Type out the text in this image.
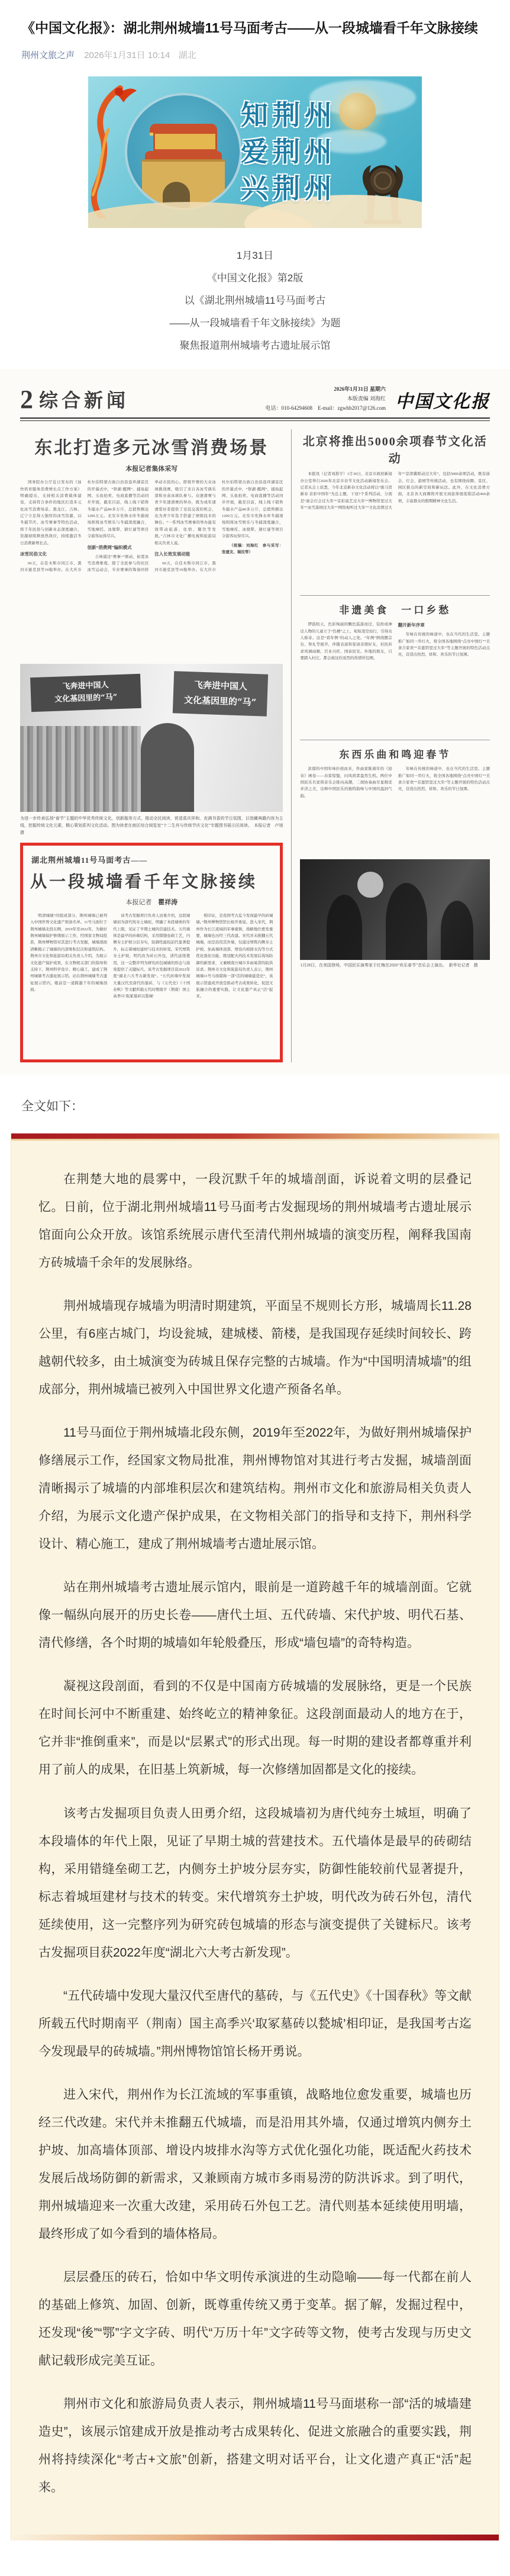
《中国文化报》：湖北荆州城墙11号马面考古——从一段城墙看千年文脉接续
荆州文旅之声 2026年1月31日 10:14 湖北
知荆州
爱荆州
兴荆州
1月31日
《中国文化报》第2版
以《湖北荆州城墙11号马面考古
——从一段城墙看千年文脉接续》为题
聚焦报道荆州城墙考古遗址展示馆
2 综合新闻
2026年1月31日 星期六
本版责编 刘海红
电话：010-64294608　E-mail：zgwhb2017@126.com 中国文化报
东北打造多元冰雪消费场景
本报记者集体采写

国务院办公厅近日发布的《加快培育服务消费增长点工作方案》明确提出，支持相关消费载体建设，支持符合条件的地区打造多元化冰雪消费场景。黑龙江、吉林、辽宁立足得天独厚的冰雪资源，以冬捕节庆、冰雪赛事等特色活动，将千年民俗与创新业态深度融合，资源持续释放热效应，持续激活冬日消费新增长点。

冰雪民俗文化

60天，在佳木斯市同江市、黑河市逊克县等19地举办。在大庆市杜尔伯特蒙古族自治县连环湖景区的开幕式中，“祭湖·醒网”、捕鱼起网、头鱼拍卖、电商直播等活动同步开展，截至目前，线上线下销售冬捕水产品80多万斤，总销售额达1200万元。北安市先锋水库冬捕现场则将冰雪娱乐与冬捕深度融合，雪地摩托、冰爬犁、猜灯谜等项目令游客玩得尽兴。

创新“消费网”编织模式

吉林通过“赛事+”驱动，拓宽冰雪消费维度。除了全民参与的社区冰雪运动会，专业赛事的筹备同样牵动市民的心。即将开赛的大众冰球挑战赛，吸引了来自各冰雪俱乐部和业余冰球队参与。众速滑赛与青少年速滑赛的举办，既为成年速滑爱好者提供了竞技交流的机会，也为青少年选手搭建了磨练技术的舞台。“一系列冰雪赛事的举办能有效带动旅游、住宿、餐饮等发展。”吉林市文化广播电视和旅游局相关负责人说。

注入长效发展动能

60天，在佳木斯市同江市、黑河市逊克县等19地举办。在大庆市杜尔伯特蒙古族自治县连环湖景区的开幕式中，“祭湖·醒网”、捕鱼起网、头鱼拍卖、电商直播等活动同步开展，截至目前，线上线下销售冬捕水产品80多万斤，总销售额达1200万元。北安市先锋水库冬捕现场则将冰雪娱乐与冬捕深度融合，雪地摩托、冰爬犁、猜灯谜等项目令游客玩得尽兴。

（统稿：刘海红　参与采写：张建友、瑞民等）

飞奔进中国人
文化基因里的“马”
飞奔进中国人
文化基因里的“马”
为进一步传承弘扬“春节”主题的中华优秀传统文化，创新服务方式，推动全民阅读，营造喜庆祥和、充满书香的节日氛围，以馆藏典籍内容为主线，挖掘传统文化元素，精心策划系列文化活动。图为读者在南区综合阅览室“十二生肖与传统节庆文化”专题图书展示区阅读。　本报记者　卢旭　摄
湖北荆州城墙11号马面考古——
从一段城墙看千年文脉接续
本报记者 瞿祥涛

明清城墙”的组成部分，荆州城墙已被列入中国世界文化遗产预备名单。11号马面位于荆州城墙北段东侧，2019年至2022年，为做好荆州城墙保护修缮展示工作，经国家文物局批准，荆州博物馆对其进行考古发掘，城墙剖面清晰揭示了城墙的内部堆积层次和建筑结构。荆州市文化和旅游局相关负责人介绍，为展示文化遗产保护成果，在文物相关部门的指导和支持下，荆州科学设计、精心施工，建成了荆州城墙考古遗址展示馆。站在荆州城墙考古遗址展示馆内，眼前是一道跨越千年的城墙剖面。

该考古发掘项目负责人田勇介绍，这段城墙初为唐代纯夯土城垣，明确了本段墙体的年代上限，见证了早期土城的营建技术。五代墙体是最早的砖砌结构，采用错缝垒砌工艺，内侧夯土护坡分层夯实，防御性能较前代显著提升，标志着城垣建材与技术的转变。宋代增筑夯土护坡，明代改为砖石外包，清代延续使用，这一完整序列为研究砖包城墙的形态与演变提供了关键标尺。该考古发掘项目获2022年度“湖北六大考古新发现”。“五代砖墙中发现大量汉代至唐代的墓砖，与《五代史》《十国春秋》等文献所载五代时期南平（荆南）国主高季兴‘取冢墓砖以甃城’

相印证，是我国考古迄今发现最早的砖城墙。”荆州博物馆馆长杨开勇说。进入宋代，荆州作为长江流域的军事重镇，战略地位愈发重要，城墙也历经三代改建。宋代并未推翻五代城墙，而是沿用其外墙，仅通过增筑内侧夯土护坡、加高墙体顶部、增设内坡排水沟等方式优化强化功能，既适配火药技术发展后战场防御的新需求，又兼顾南方城市多雨易涝的防洪诉求。荆州市文化和旅游局负责人表示，荆州城墙11号马面堪称一部“活的城墙建造史”，该展示馆建成开放是推动考古成果转化、促进文旅融合的重要实践，让文化遗产真正“活”起来。

北京将推出5000余项春节文化活动

本报讯（记者刘淮宇）1月30日，北京市政府新闻办公室举行2026年北京市春节文化活动新闻发布会。记者从会上获悉，今年北京新春文化活动将以“骏马贺新春 京彩中国年”为总主题，下设7个系列活动，分别是“庙会灯会过大年”“京彩演艺过大年”“博物馆里过大年”“冰雪游园过大年”“网络视听过大年”“文化消费过大年”“京津冀联动过大年”，包括5000余项活动，既有庙会、灯会、游园等传统活动，也有围绕商圈、景区、园区推出的新空间和新玩法。此外，在文化消费方面，北京各大商圈将开展文商旅体展促销活动460余项，丰富群众的假期精神文化生活。

非遗美食　一口乡愁

锣鼓喧天，色彩绚丽的飘色巡游而过，装扮成神话人物的儿童立于“色梗”之上，宛如凌空而行，引得众人称奇。这是“看年例”的动人之处。“年例”围绕摆宗台、祭礼等展开，伴随表演和宴请亲朋好友，村民祈求风调雨顺、百业兴旺、国泰民安。外地的朋友，只要踏入村庄，都会被这份浓烈的热情所包围。

翻开新年序章

年味在传统的味道中，也在当代的生活里。主题推广如同一串灯火，将全国各地围绕“点亮中国灯”“美食合家欢”“非遗馆里过大年”等主题开展的特色活动点亮，营造出热烈、祥和、欢乐的节日氛围。

东西乐曲和鸣迎春节

浓郁的中国年味扑面而来，作曲家陈熹年的《迎春》画卷——春雷惊蛰，问风尚霄盎然生机。两位中国民乐名家将音乐会推向高潮，二胡协奏曲尽显刚柔并济之美，诠释中国民乐的独特韵味与中国的温润气韵。

年味在传统的味道中，也在当代的生活里。主题推广如同一串灯火，将全国各地围绕“点亮中国灯”“美食合家欢”“非遗馆里过大年”等主题开展的特色活动点亮，营造出热烈、祥和、欢乐的节日氛围。

1月28日，在美国登场，中国民乐演奏家于红梅在2026“欢乐春节”音乐会上演出。　新华社记者　摄
全文如下：

在荆楚大地的晨雾中，一段沉默千年的城墙剖面，诉说着文明的层叠记忆。日前，位于湖北荆州城墙11号马面考古发掘现场的荆州城墙考古遗址展示馆面向公众开放。该馆系统展示唐代至清代荆州城墙的演变历程，阐释我国南方砖城墙千余年的发展脉络。

荆州城墙现存城墙为明清时期建筑，平面呈不规则长方形，城墙周长11.28公里，有6座古城门，均设瓮城，建城楼、箭楼，是我国现存延续时间较长、跨越朝代较多，由土城演变为砖城且保存完整的古城墙。作为“中国明清城墙”的组成部分，荆州城墙已被列入中国世界文化遗产预备名单。

11号马面位于荆州城墙北段东侧，2019年至2022年，为做好荆州城墙保护修缮展示工作，经国家文物局批准，荆州博物馆对其进行考古发掘，城墙剖面清晰揭示了城墙的内部堆积层次和建筑结构。荆州市文化和旅游局相关负责人介绍，为展示文化遗产保护成果，在文物相关部门的指导和支持下，荆州科学设计、精心施工，建成了荆州城墙考古遗址展示馆。

站在荆州城墙考古遗址展示馆内，眼前是一道跨越千年的城墙剖面。它就像一幅纵向展开的历史长卷——唐代土垣、五代砖墙、宋代护坡、明代石基、清代修缮，各个时期的城墙如年轮般叠压，形成“墙包墙”的奇特构造。

凝视这段剖面，看到的不仅是中国南方砖城墙的发展脉络，更是一个民族在时间长河中不断重建、始终屹立的精神象征。这段剖面最动人的地方在于，它并非“推倒重来”，而是以“层累式”的形式出现。每一时期的建设者都尊重并利用了前人的成果，在旧基上筑新城，每一次修缮加固都是文化的接续。

该考古发掘项目负责人田勇介绍，这段城墙初为唐代纯夯土城垣，明确了本段墙体的年代上限，见证了早期土城的营建技术。五代墙体是最早的砖砌结构，采用错缝垒砌工艺，内侧夯土护坡分层夯实，防御性能较前代显著提升，标志着城垣建材与技术的转变。宋代增筑夯土护坡，明代改为砖石外包，清代延续使用，这一完整序列为研究砖包城墙的形态与演变提供了关键标尺。该考古发掘项目获2022年度“湖北六大考古新发现”。

“五代砖墙中发现大量汉代至唐代的墓砖，与《五代史》《十国春秋》等文献所载五代时期南平（荆南）国主高季兴‘取冢墓砖以甃城’相印证，是我国考古迄今发现最早的砖城墙。”荆州博物馆馆长杨开勇说。

进入宋代，荆州作为长江流域的军事重镇，战略地位愈发重要，城墙也历经三代改建。宋代并未推翻五代城墙，而是沿用其外墙，仅通过增筑内侧夯土护坡、加高墙体顶部、增设内坡排水沟等方式优化强化功能，既适配火药技术发展后战场防御的新需求，又兼顾南方城市多雨易涝的防洪诉求。到了明代，荆州城墙迎来一次重大改建，采用砖石外包工艺。清代则基本延续使用明墙，最终形成了如今看到的墙体格局。

层层叠压的砖石，恰如中华文明传承演进的生动隐喻——每一代都在前人的基础上修筑、加固、创新，既尊重传统又勇于变革。据了解，发掘过程中，还发现“後”“鄂”字文字砖、明代“万历十年”文字砖等文物，使考古发现与历史文献记载形成完美互证。

荆州市文化和旅游局负责人表示，荆州城墙11号马面堪称一部“活的城墙建造史”，该展示馆建成开放是推动考古成果转化、促进文旅融合的重要实践，荆州将持续深化“考古+文旅”创新，搭建文明对话平台，让文化遗产真正“活”起来。
